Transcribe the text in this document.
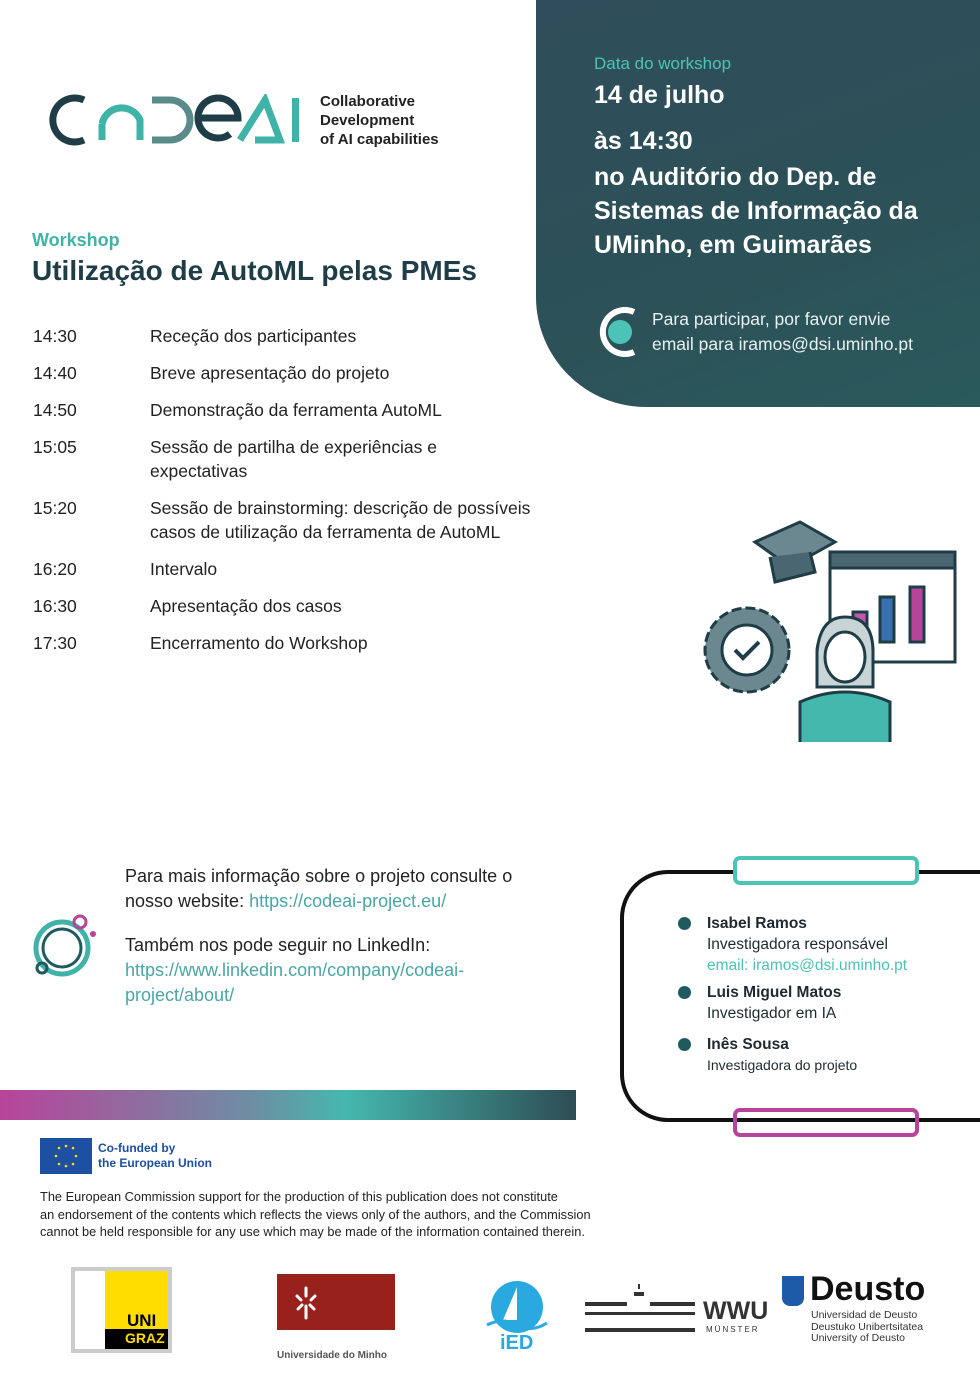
Data do workshop
14 de julho
às 14:30
no Auditório do Dep. de
Sistemas de Informação da
UMinho, em Guimarães
Para participar, por favor envie
email para iramos@dsi.uminho.pt
Collaborative
Development
of AI capabilities
Workshop
Utilização de AutoML pelas PMEs
14:30	Receção dos participantes
14:40	Breve apresentação do projeto
14:50	Demonstração da ferramenta AutoML
15:05	Sessão de partilha de experiências e expectativas
15:20	Sessão de brainstorming: descrição de possíveis casos de utilização da ferramenta de AutoML
16:20	Intervalo
16:30	Apresentação dos casos
17:30	Encerramento do Workshop

Para mais informação sobre o projeto consulte o nosso website: https://codeai-project.eu/

Também nos pode seguir no LinkedIn: https://www.linkedin.com/company/codeai-project/about/

Isabel Ramos
Investigadora responsável
email: iramos@dsi.uminho.pt
Luis Miguel Matos
Investigador em IA
Inês Sousa
Investigadora do projeto
Co-funded by
the European Union
The European Commission support for the production of this publication does not constitute
an endorsement of the contents which reflects the views only of the authors, and the Commission
cannot be held responsible for any use which may be made of the information contained therein.
UNI
GRAZ
Universidade do Minho
iED
WWU
MÜNSTER
Deusto
Universidad de Deusto
Deustuko Unibertsitatea
University of Deusto
